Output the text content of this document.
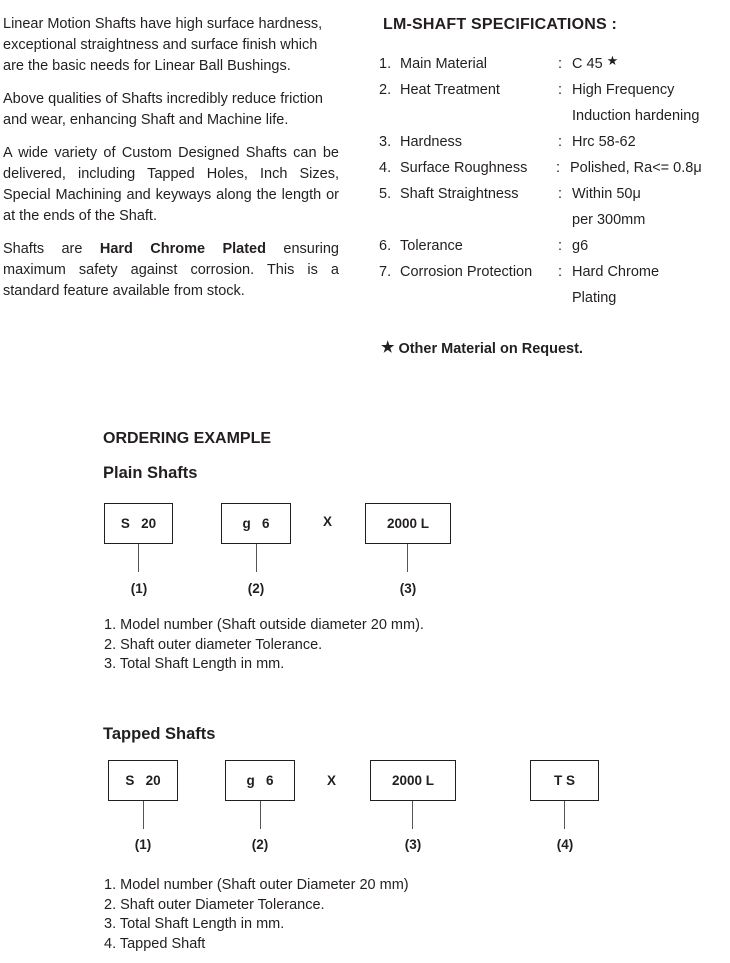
Linear Motion Shafts have high surface hardness, exceptional straightness and surface finish which are the basic needs for Linear Ball Bushings.

Above qualities of Shafts incredibly reduce friction and wear, enhancing Shaft and Machine life.

A wide variety of Custom Designed Shafts can be delivered, including Tapped Holes, Inch Sizes, Special Machining and keyways along the length or at the ends of the Shaft.

Shafts are Hard Chrome Plated ensuring maximum safety against corrosion. This is a standard feature available from stock.

LM-SHAFT SPECIFICATIONS :
1. Main Material	: C 45 ★
2. Heat Treatment	: High Frequency
Induction hardening
3. Hardness	: Hrc 58-62
4. Surface Roughness : Polished, Ra<= 0.8μ
5. Shaft Straightness	: Within 50μ
per 300mm
6. Tolerance	: g6
7. Corrosion Protection : Hard Chrome
Plating
★ Other Material on Request.
ORDERING EXAMPLE
Plain Shafts
S   20
(1)
g   6
(2)
X	2000 L
(3)
1. Model number (Shaft outside diameter 20 mm).
2. Shaft outer diameter Tolerance.
3. Total Shaft Length in mm.
Tapped Shafts
S   20
(1)
g   6
(2)
X	2000 L
(3)
T S
(4)
1. Model number (Shaft outer Diameter 20 mm)
2. Shaft outer Diameter Tolerance.
3. Total Shaft Length in mm.
4. Tapped Shaft
